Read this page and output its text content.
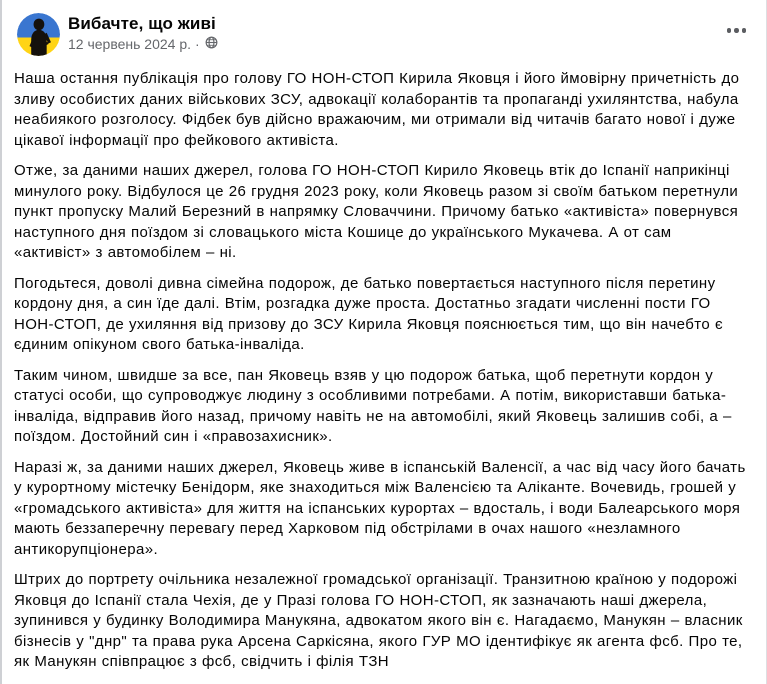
Вибачте, що живі
12 червень 2024 р. ·

Наша остання публікація про голову ГО НОН-СТОП Кирила Яковця і його ймовірну причетність до зливу особистих даних військових ЗСУ, адвокації колаборантів та пропаганді ухилянтства, набула неабиякого розголосу. Фідбек був дійсно вражаючим, ми отримали від читачів багато нової і дуже цікавої інформації про фейкового активіста.

Отже, за даними наших джерел, голова ГО НОН-СТОП Кирило Яковець втік до Іспанії наприкінці минулого року. Відбулося це 26 грудня 2023 року, коли Яковець разом зі своїм батьком перетнули пункт пропуску Малий Березний в напрямку Словаччини. Причому батько «активіста» повернувся наступного дня поїздом зі словацького міста Кошице до українського Мукачева. А от сам «активіст» з автомобілем – ні.

Погодьтеся, доволі дивна сімейна подорож, де батько повертається наступного після перетину кордону дня, а син їде далі. Втім, розгадка дуже проста. Достатньо згадати численні пости ГО НОН-СТОП, де ухиляння від призову до ЗСУ Кирила Яковця пояснюється тим, що він начебто є єдиним опікуном свого батька-інваліда.

Таким чином, швидше за все, пан Яковець взяв у цю подорож батька, щоб перетнути кордон у статусі особи, що супроводжує людину з особливими потребами. А потім, використавши батька-інваліда, відправив його назад, причому навіть не на автомобілі, який Яковець залишив собі, а – поїздом. Достойний син і «правозахисник».

Наразі ж, за даними наших джерел, Яковець живе в іспанській Валенсії, а час від часу його бачать у курортному містечку Бенідорм, яке знаходиться між Валенсією та Аліканте. Вочевидь, грошей у «громадського активіста» для життя на іспанських курортах – вдосталь, і води Балеарського моря мають беззаперечну перевагу перед Харковом під обстрілами в очах нашого «незламного антикорупціонера».

Штрих до портрету очільника незалежної громадської організації. Транзитною країною у подорожі Яковця до Іспанії стала Чехія, де у Празі голова ГО НОН-СТОП, як зазначають наші джерела, зупинився у будинку Володимира Манукяна, адвокатом якого він є. Нагадаємо, Манукян – власник бізнесів у "днр" та права рука Арсена Саркісяна, якого ГУР МО ідентифікує як агента фсб. Про те, як Манукян співпрацює з фсб, свідчить і філія ТЗН
